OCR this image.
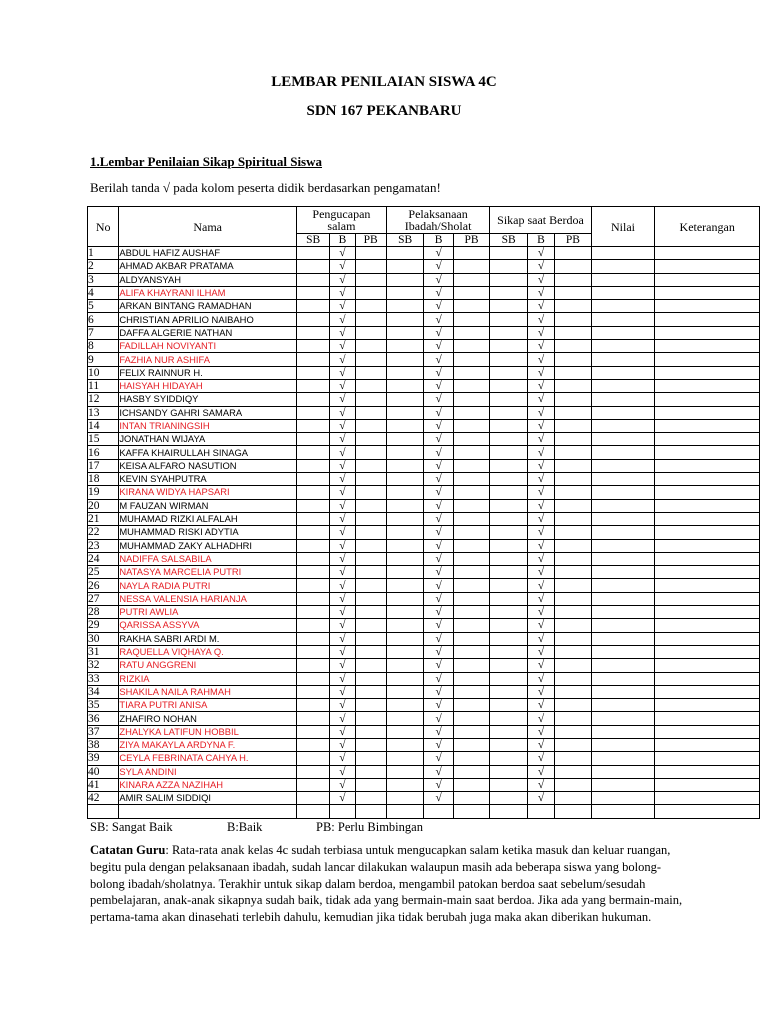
LEMBAR PENILAIAN SISWA 4C
SDN 167 PEKANBARU
1.Lembar Penilaian Sikap Spiritual Siswa
Berilah tanda √ pada kolom peserta didik berdasarkan pengamatan!
No	Nama	Pengucapan salam			Pelaksanaan Ibadah/Sholat			Sikap saat Berdoa			Nilai	Keterangan
		SB	B	PB	SB	B	PB	SB	B	PB		
1	ABDUL HAFIZ AUSHAF		√			√			√			
2	AHMAD AKBAR PRATAMA		√			√			√			
3	ALDYANSYAH		√			√			√			
4	ALIFA KHAYRANI ILHAM		√			√			√			
5	ARKAN BINTANG RAMADHAN		√			√			√			
6	CHRISTIAN APRILIO NAIBAHO		√			√			√			
7	DAFFA ALGERIE NATHAN		√			√			√			
8	FADILLAH NOVIYANTI		√			√			√			
9	FAZHIA NUR ASHIFA		√			√			√			
10	FELIX RAINNUR H.		√			√			√			
11	HAISYAH HIDAYAH		√			√			√			
12	HASBY SYIDDIQY		√			√			√			
13	ICHSANDY GAHRI SAMARA		√			√			√			
14	INTAN TRIANINGSIH		√			√			√			
15	JONATHAN WIJAYA		√			√			√			
16	KAFFA KHAIRULLAH SINAGA		√			√			√			
17	KEISA ALFARO NASUTION		√			√			√			
18	KEVIN SYAHPUTRA		√			√			√			
19	KIRANA WIDYA HAPSARI		√			√			√			
20	M FAUZAN WIRMAN		√			√			√			
21	MUHAMAD RIZKI ALFALAH		√			√			√			
22	MUHAMMAD RISKI ADYTIA		√			√			√			
23	MUHAMMAD ZAKY ALHADHRI		√			√			√			
24	NADIFFA SALSABILA		√			√			√			
25	NATASYA MARCELIA PUTRI		√			√			√			
26	NAYLA RADIA PUTRI		√			√			√			
27	NESSA VALENSIA HARIANJA		√			√			√			
28	PUTRI AWLIA		√			√			√			
29	QARISSA ASSYVA		√			√			√			
30	RAKHA SABRI ARDI M.		√			√			√			
31	RAQUELLA VIQHAYA Q.		√			√			√			
32	RATU ANGGRENI		√			√			√			
33	RIZKIA		√			√			√			
34	SHAKILA NAILA RAHMAH		√			√			√			
35	TIARA PUTRI ANISA		√			√			√			
36	ZHAFIRO NOHAN		√			√			√			
37	ZHALYKA LATIFUN HOBBIL		√			√			√			
38	ZIYA MAKAYLA ARDYNA F.		√			√			√			
39	CEYLA FEBRINATA CAHYA H.		√			√			√			
40	SYLA ANDINI		√			√			√			
41	KINARA AZZA NAZIHAH		√			√			√			
42	AMIR SALIM SIDDIQI		√			√			√			

SB: Sangat Baik	B:Baik	PB: Perlu Bimbingan
Catatan Guru: Rata-rata anak kelas 4c sudah terbiasa untuk mengucapkan salam ketika masuk dan keluar ruangan, begitu pula dengan pelaksanaan ibadah, sudah lancar dilakukan walaupun masih ada beberapa siswa yang bolong-bolong ibadah/sholatnya. Terakhir untuk sikap dalam berdoa, mengambil patokan berdoa saat sebelum/sesudah pembelajaran, anak-anak sikapnya sudah baik, tidak ada yang bermain-main saat berdoa. Jika ada yang bermain-main, pertama-tama akan dinasehati terlebih dahulu, kemudian jika tidak berubah juga maka akan diberikan hukuman.
